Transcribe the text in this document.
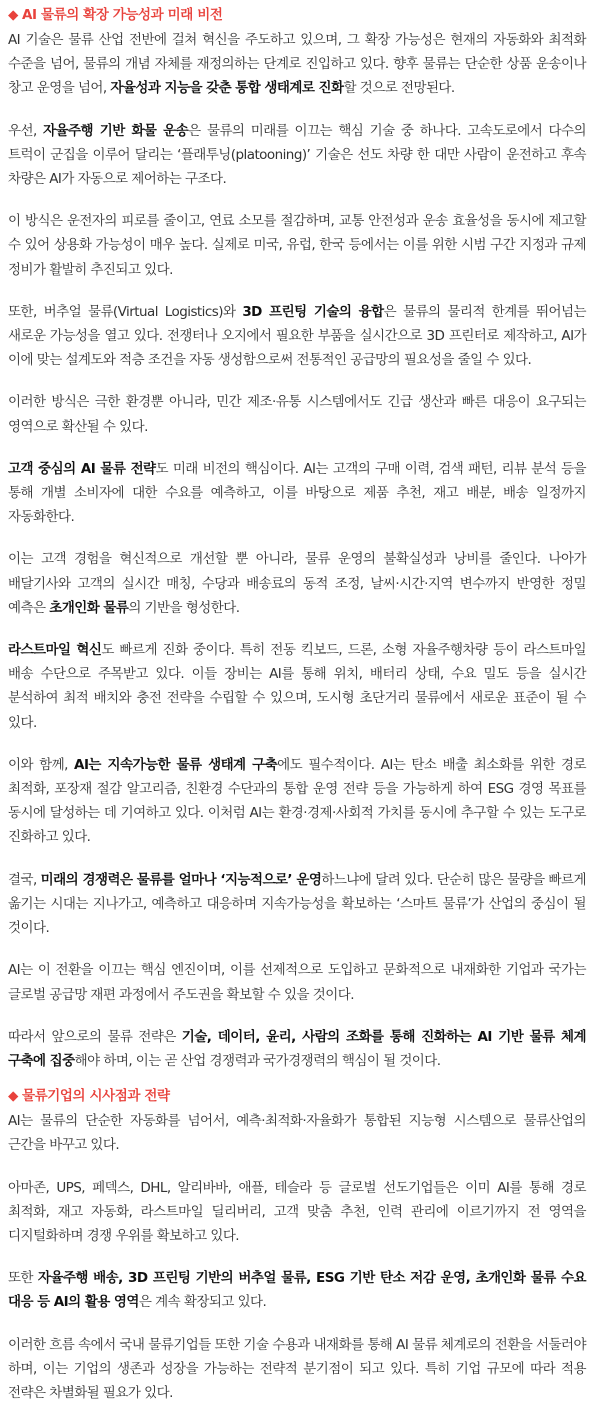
◆ AI 물류의 확장 가능성과 미래 비전

AI 기술은 물류 산업 전반에 걸쳐 혁신을 주도하고 있으며, 그 확장 가능성은 현재의 자동화와 최적화 수준을 넘어, 물류의 개념 자체를 재정의하는 단계로 진입하고 있다. 향후 물류는 단순한 상품 운송이나 창고 운영을 넘어, 자율성과 지능을 갖춘 통합 생태계로 진화할 것으로 전망된다.

우선, 자율주행 기반 화물 운송은 물류의 미래를 이끄는 핵심 기술 중 하나다. 고속도로에서 다수의 트럭이 군집을 이루어 달리는 ‘플래투닝(platooning)’ 기술은 선도 차량 한 대만 사람이 운전하고 후속 차량은 AI가 자동으로 제어하는 구조다.

이 방식은 운전자의 피로를 줄이고, 연료 소모를 절감하며, 교통 안전성과 운송 효율성을 동시에 제고할 수 있어 상용화 가능성이 매우 높다. 실제로 미국, 유럽, 한국 등에서는 이를 위한 시범 구간 지정과 규제 정비가 활발히 추진되고 있다.

또한, 버추얼 물류(Virtual Logistics)와 3D 프린팅 기술의 융합은 물류의 물리적 한계를 뛰어넘는 새로운 가능성을 열고 있다. 전쟁터나 오지에서 필요한 부품을 실시간으로 3D 프린터로 제작하고, AI가 이에 맞는 설계도와 적층 조건을 자동 생성함으로써 전통적인 공급망의 필요성을 줄일 수 있다.

이러한 방식은 극한 환경뿐 아니라, 민간 제조·유통 시스템에서도 긴급 생산과 빠른 대응이 요구되는 영역으로 확산될 수 있다.

고객 중심의 AI 물류 전략도 미래 비전의 핵심이다. AI는 고객의 구매 이력, 검색 패턴, 리뷰 분석 등을 통해 개별 소비자에 대한 수요를 예측하고, 이를 바탕으로 제품 추천, 재고 배분, 배송 일정까지 자동화한다.

이는 고객 경험을 혁신적으로 개선할 뿐 아니라, 물류 운영의 불확실성과 낭비를 줄인다. 나아가 배달기사와 고객의 실시간 매칭, 수당과 배송료의 동적 조정, 날씨·시간·지역 변수까지 반영한 정밀 예측은 초개인화 물류의 기반을 형성한다.

라스트마일 혁신도 빠르게 진화 중이다. 특히 전동 킥보드, 드론, 소형 자율주행차량 등이 라스트마일 배송 수단으로 주목받고 있다. 이들 장비는 AI를 통해 위치, 배터리 상태, 수요 밀도 등을 실시간 분석하여 최적 배치와 충전 전략을 수립할 수 있으며, 도시형 초단거리 물류에서 새로운 표준이 될 수 있다.

이와 함께, AI는 지속가능한 물류 생태계 구축에도 필수적이다. AI는 탄소 배출 최소화를 위한 경로 최적화, 포장재 절감 알고리즘, 친환경 수단과의 통합 운영 전략 등을 가능하게 하여 ESG 경영 목표를 동시에 달성하는 데 기여하고 있다. 이처럼 AI는 환경·경제·사회적 가치를 동시에 추구할 수 있는 도구로 진화하고 있다.

결국, 미래의 경쟁력은 물류를 얼마나 ‘지능적으로’ 운영하느냐에 달려 있다. 단순히 많은 물량을 빠르게 옮기는 시대는 지나가고, 예측하고 대응하며 지속가능성을 확보하는 ‘스마트 물류’가 산업의 중심이 될 것이다.

AI는 이 전환을 이끄는 핵심 엔진이며, 이를 선제적으로 도입하고 문화적으로 내재화한 기업과 국가는 글로벌 공급망 재편 과정에서 주도권을 확보할 수 있을 것이다.

따라서 앞으로의 물류 전략은 기술, 데이터, 윤리, 사람의 조화를 통해 진화하는 AI 기반 물류 체계 구축에 집중해야 하며, 이는 곧 산업 경쟁력과 국가경쟁력의 핵심이 될 것이다.

◆ 물류기업의 시사점과 전략

AI는 물류의 단순한 자동화를 넘어서, 예측·최적화·자율화가 통합된 지능형 시스템으로 물류산업의 근간을 바꾸고 있다.

아마존, UPS, 페덱스, DHL, 알리바바, 애플, 테슬라 등 글로벌 선도기업들은 이미 AI를 통해 경로 최적화, 재고 자동화, 라스트마일 딜리버리, 고객 맞춤 추천, 인력 관리에 이르기까지 전 영역을 디지털화하며 경쟁 우위를 확보하고 있다.

또한 자율주행 배송, 3D 프린팅 기반의 버추얼 물류, ESG 기반 탄소 저감 운영, 초개인화 물류 수요 대응 등 AI의 활용 영역은 계속 확장되고 있다.

이러한 흐름 속에서 국내 물류기업들 또한 기술 수용과 내재화를 통해 AI 물류 체계로의 전환을 서둘러야 하며, 이는 기업의 생존과 성장을 가능하는 전략적 분기점이 되고 있다. 특히 기업 규모에 따라 적용 전략은 차별화될 필요가 있다.
